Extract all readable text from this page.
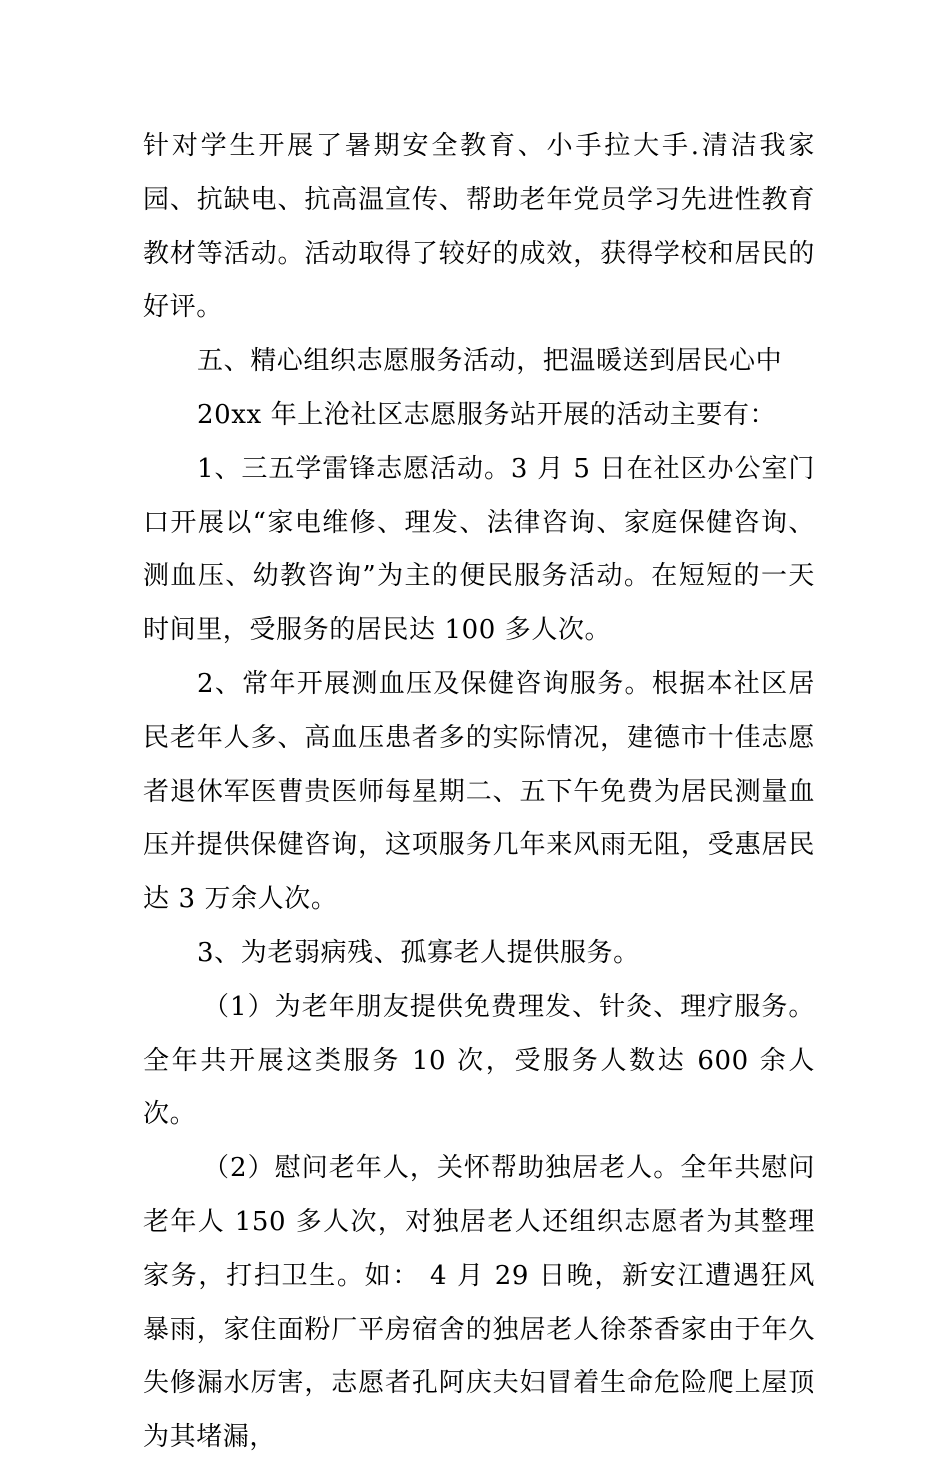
针对学生开展了暑期安全教育、小手拉大手.清洁我家园、抗缺电、抗高温宣传、帮助老年党员学习先进性教育教材等活动。活动取得了较好的成效，获得学校和居民的好评。

五、精心组织志愿服务活动，把温暖送到居民心中

20xx 年上沧社区志愿服务站开展的活动主要有：

1、三五学雷锋志愿活动。3 月 5 日在社区办公室门口开展以“家电维修、理发、法律咨询、家庭保健咨询、测血压、幼教咨询”为主的便民服务活动。在短短的一天时间里，受服务的居民达 100 多人次。

2、常年开展测血压及保健咨询服务。根据本社区居民老年人多、高血压患者多的实际情况，建德市十佳志愿者退休军医曹贵医师每星期二、五下午免费为居民测量血压并提供保健咨询，这项服务几年来风雨无阻，受惠居民达 3 万余人次。

3、为老弱病残、孤寡老人提供服务。

（1）为老年朋友提供免费理发、针灸、理疗服务。全年共开展这类服务 10 次，受服务人数达 600 余人次。

（2）慰问老年人，关怀帮助独居老人。全年共慰问老年人 150 多人次，对独居老人还组织志愿者为其整理家务，打扫卫生。如： 4 月 29 日晚，新安江遭遇狂风暴雨，家住面粉厂平房宿舍的独居老人徐茶香家由于年久失修漏水厉害，志愿者孔阿庆夫妇冒着生命危险爬上屋顶为其堵漏，
